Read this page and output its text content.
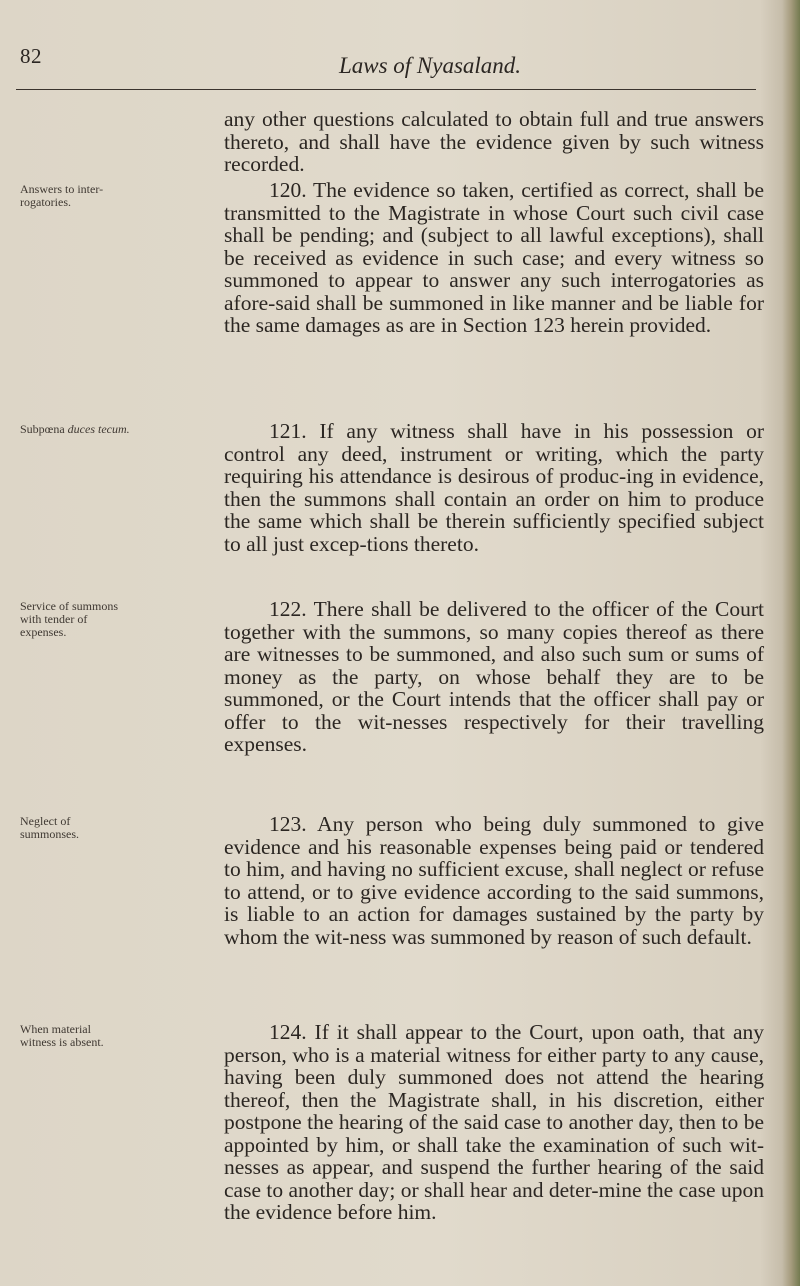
82	Laws of Nyasaland.
Answers to inter-
rogatories.
Subpœna duces tecum.
Service of summons
with tender of
expenses.
Neglect of
summonses.
When material
witness is absent.

any other questions calculated to obtain full and true answers thereto, and shall have the evidence given by such witness recorded.

120. The evidence so taken, certified as correct, shall be transmitted to the Magistrate in whose Court such civil case shall be pending; and (subject to all lawful exceptions), shall be received as evidence in such case; and every witness so summoned to appear to answer any such interrogatories as afore-said shall be summoned in like manner and be liable for the same damages as are in Section 123 herein provided.

121. If any witness shall have in his possession or control any deed, instrument or writing, which the party requiring his attendance is desirous of produc-ing in evidence, then the summons shall contain an order on him to produce the same which shall be therein sufficiently specified subject to all just excep-tions thereto.

122. There shall be delivered to the officer of the Court together with the summons, so many copies thereof as there are witnesses to be summoned, and also such sum or sums of money as the party, on whose behalf they are to be summoned, or the Court intends that the officer shall pay or offer to the wit-nesses respectively for their travelling expenses.

123. Any person who being duly summoned to give evidence and his reasonable expenses being paid or tendered to him, and having no sufficient excuse, shall neglect or refuse to attend, or to give evidence according to the said summons, is liable to an action for damages sustained by the party by whom the wit-ness was summoned by reason of such default.

124. If it shall appear to the Court, upon oath, that any person, who is a material witness for either party to any cause, having been duly summoned does not attend the hearing thereof, then the Magistrate shall, in his discretion, either postpone the hearing of the said case to another day, then to be appointed by him, or shall take the examination of such wit-nesses as appear, and suspend the further hearing of the said case to another day; or shall hear and deter-mine the case upon the evidence before him.
